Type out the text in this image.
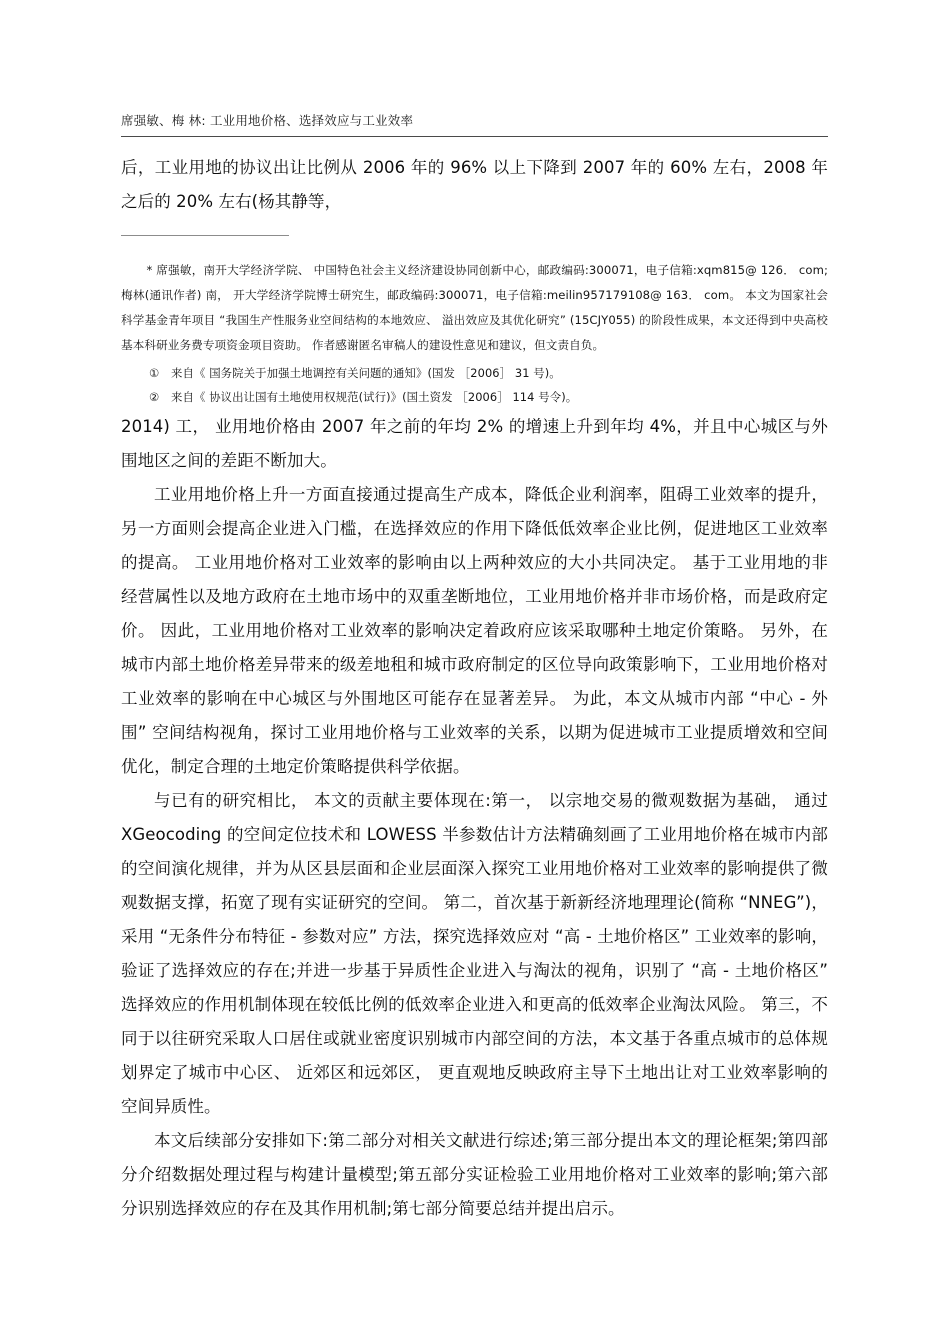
席强敏、梅 林: 工业用地价格、选择效应与工业效率

后，工业用地的协议出让比例从 2006 年的 96% 以上下降到 2007 年的 60% 左右，2008 年之后的 20% 左右(杨其静等，

* 席强敏，南开大学经济学院、 中国特色社会主义经济建设协同创新中心，邮政编码:300071，电子信箱:xqm815@ 126． com; 梅林(通讯作者) 南， 开大学经济学院博士研究生，邮政编码:300071，电子信箱:meilin957179108@ 163． com。 本文为国家社会科学基金青年项目 “我国生产性服务业空间结构的本地效应、 溢出效应及其优化研究” (15CJY055) 的阶段性成果，本文还得到中央高校基本科研业务费专项资金项目资助。 作者感谢匿名审稿人的建设性意见和建议，但文责自负。

① 来自《 国务院关于加强土地调控有关问题的通知》(国发 ［2006］ 31 号)。
② 来自《 协议出让国有土地使用权规范(试行)》(国土资发 ［2006］ 114 号令)。

2014) 工， 业用地价格由 2007 年之前的年均 2% 的增速上升到年均 4%，并且中心城区与外围地区之间的差距不断加大。

工业用地价格上升一方面直接通过提高生产成本，降低企业利润率，阻碍工业效率的提升，另一方面则会提高企业进入门槛，在选择效应的作用下降低低效率企业比例，促进地区工业效率的提高。 工业用地价格对工业效率的影响由以上两种效应的大小共同决定。 基于工业用地的非经营属性以及地方政府在土地市场中的双重垄断地位，工业用地价格并非市场价格，而是政府定价。 因此，工业用地价格对工业效率的影响决定着政府应该采取哪种土地定价策略。 另外，在城市内部土地价格差异带来的级差地租和城市政府制定的区位导向政策影响下，工业用地价格对工业效率的影响在中心城区与外围地区可能存在显著差异。 为此，本文从城市内部 “中心 - 外围” 空间结构视角，探讨工业用地价格与工业效率的关系，以期为促进城市工业提质增效和空间优化，制定合理的土地定价策略提供科学依据。

与已有的研究相比， 本文的贡献主要体现在:第一， 以宗地交易的微观数据为基础， 通过 XGeocoding 的空间定位技术和 LOWESS 半参数估计方法精确刻画了工业用地价格在城市内部的空间演化规律，并为从区县层面和企业层面深入探究工业用地价格对工业效率的影响提供了微观数据支撑，拓宽了现有实证研究的空间。 第二，首次基于新新经济地理理论(简称 “NNEG”)，采用 “无条件分布特征 - 参数对应” 方法，探究选择效应对 “高 - 土地价格区” 工业效率的影响，验证了选择效应的存在;并进一步基于异质性企业进入与淘汰的视角，识别了 “高 - 土地价格区” 选择效应的作用机制体现在较低比例的低效率企业进入和更高的低效率企业淘汰风险。 第三，不同于以往研究采取人口居住或就业密度识别城市内部空间的方法，本文基于各重点城市的总体规划界定了城市中心区、 近郊区和远郊区， 更直观地反映政府主导下土地出让对工业效率影响的空间异质性。

本文后续部分安排如下:第二部分对相关文献进行综述;第三部分提出本文的理论框架;第四部分介绍数据处理过程与构建计量模型;第五部分实证检验工业用地价格对工业效率的影响;第六部分识别选择效应的存在及其作用机制;第七部分简要总结并提出启示。
